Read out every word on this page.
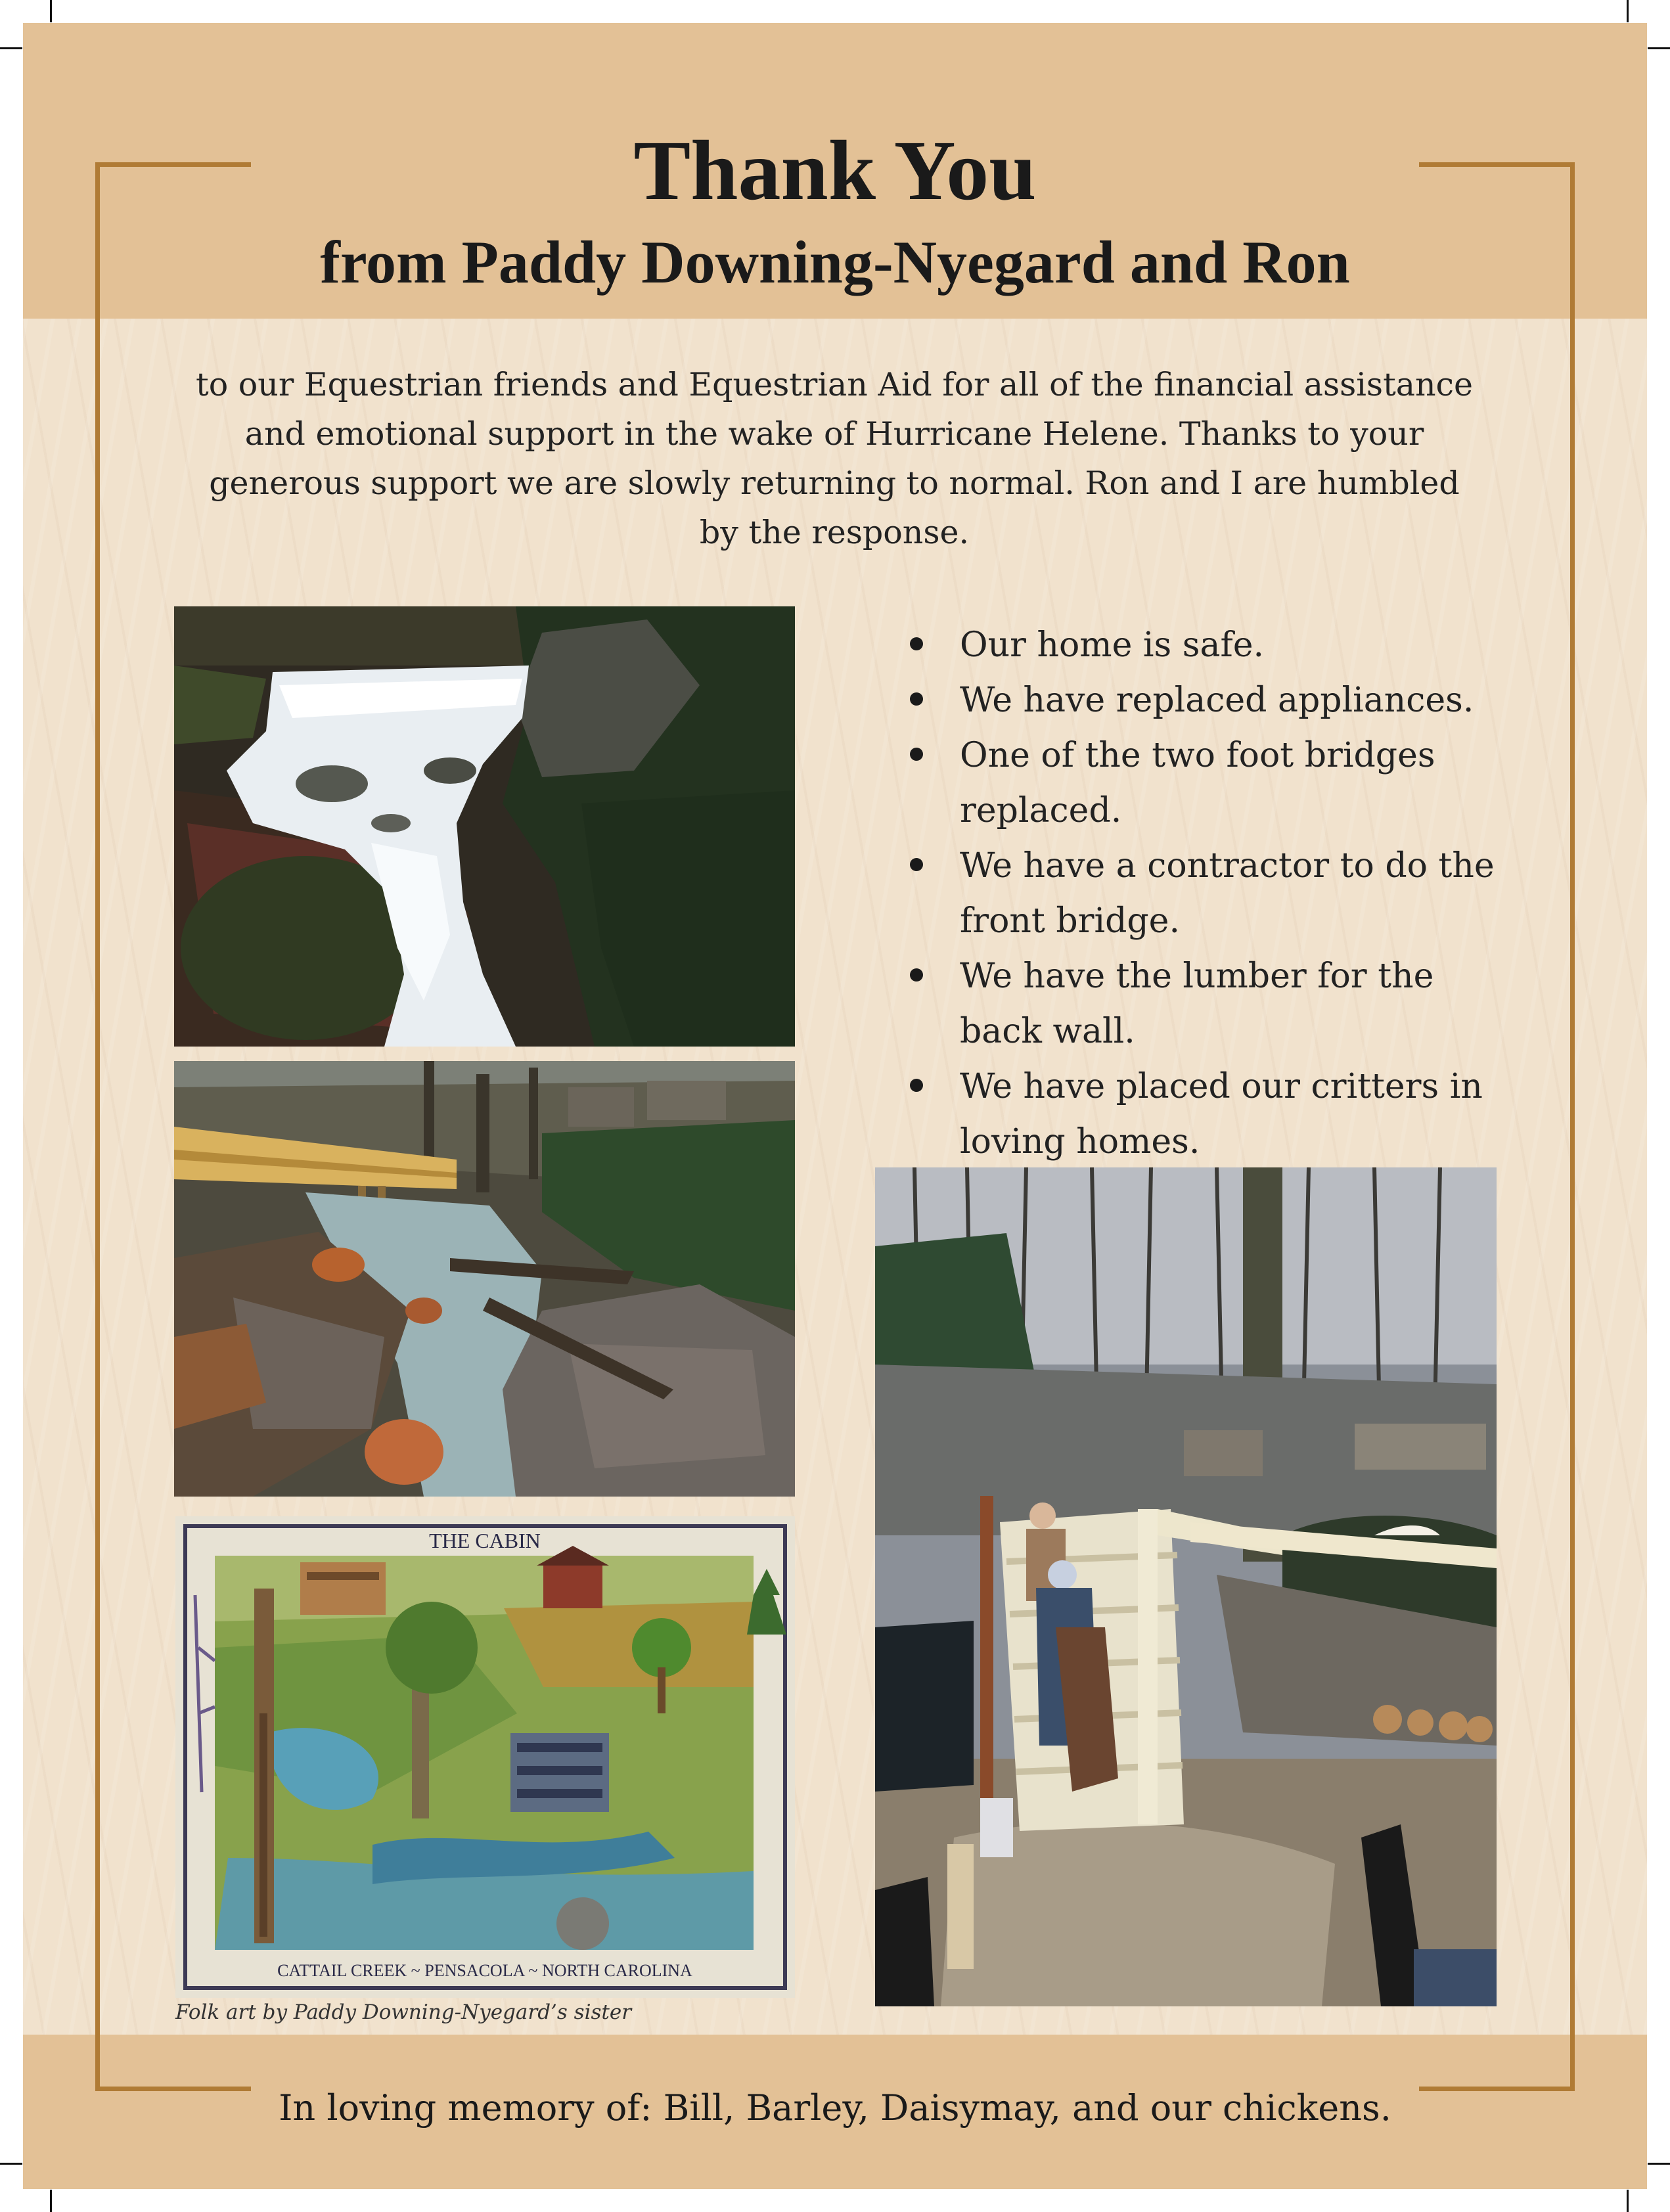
Thank You
from Paddy Downing-Nyegard and Ron

to our Equestrian friends and Equestrian Aid for all of the financial assistance and emotional support in the wake of Hurricane Helene. Thanks to your generous support we are slowly returning to normal. Ron and I are humbled by the response.

Our home is safe.
We have replaced appliances.
One of the two foot bridges replaced.
We have a contractor to do the front bridge.
We have the lumber for the back wall.
We have placed our critters in loving homes.
THE CABIN
CATTAIL CREEK ~ PENSACOLA ~ NORTH CAROLINA

Folk art by Paddy Downing-Nyegard’s sister

In loving memory of: Bill, Barley, Daisymay, and our chickens.
